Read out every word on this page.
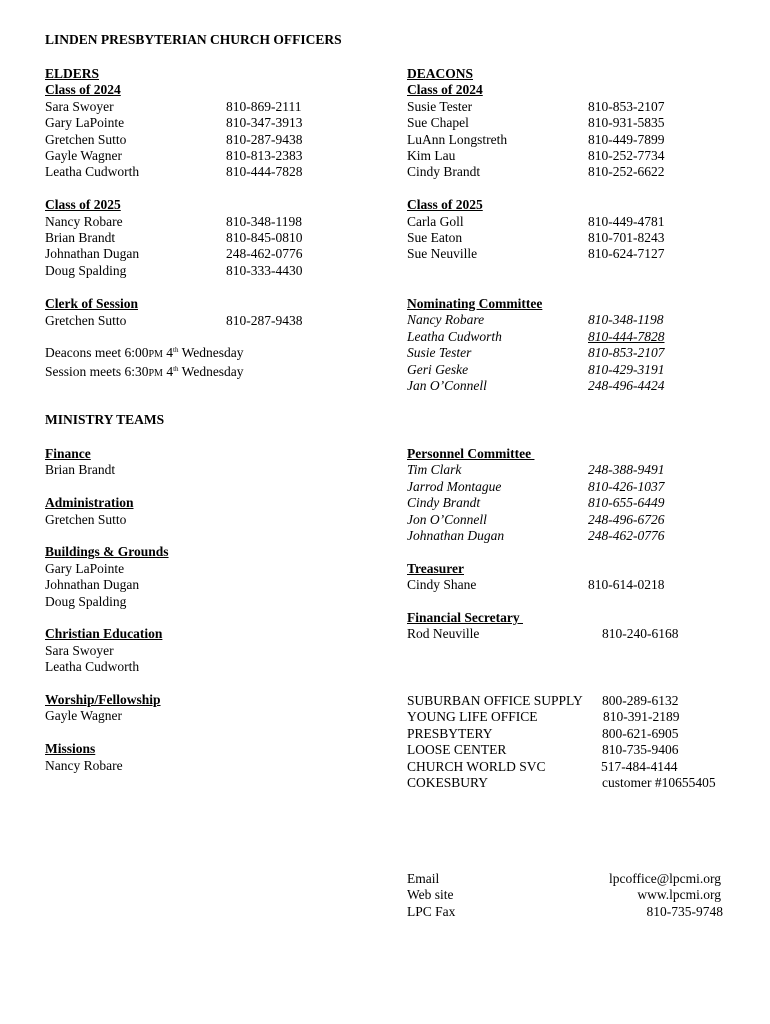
LINDEN PRESBYTERIAN CHURCH OFFICERS
ELDERS
Class of 2024
Sara Swoyer	810-869-2111
Gary LaPointe	810-347-3913
Gretchen Sutto	810-287-9438
Gayle Wagner	810-813-2383
Leatha Cudworth	810-444-7828
Class of 2025
Nancy Robare	810-348-1198
Brian Brandt	810-845-0810
Johnathan Dugan	248-462-0776
Doug Spalding	810-333-4430
Clerk of Session
Gretchen Sutto	810-287-9438
Deacons meet 6:00PM 4th Wednesday
Session meets 6:30PM 4th Wednesday
MINISTRY TEAMS
Finance
Brian Brandt
Administration
Gretchen Sutto
Buildings & Grounds
Gary LaPointe
Johnathan Dugan
Doug Spalding
Christian Education
Sara Swoyer
Leatha Cudworth
Worship/Fellowship
Gayle Wagner
Missions
Nancy Robare
DEACONS
Class of 2024
Susie Tester	810-853-2107
Sue Chapel	810-931-5835
LuAnn Longstreth	810-449-7899
Kim Lau	810-252-7734
Cindy Brandt	810-252-6622
Class of 2025
Carla Goll	810-449-4781
Sue Eaton	810-701-8243
Sue Neuville	810-624-7127
Nominating Committee
Nancy Robare	810-348-1198
Leatha Cudworth	810-444-7828
Susie Tester	810-853-2107
Geri Geske	810-429-3191
Jan O’Connell	248-496-4424
Personnel Committee
Tim Clark	248-388-9491
Jarrod Montague	810-426-1037
Cindy Brandt	810-655-6449
Jon O’Connell	248-496-6726
Johnathan Dugan	248-462-0776
Treasurer
Cindy Shane	810-614-0218
Financial Secretary
Rod Neuville	810-240-6168
SUBURBAN OFFICE SUPPLY 800-289-6132
YOUNG LIFE OFFICE	810-391-2189
PRESBYTERY	800-621-6905
LOOSE CENTER	810-735-9406
CHURCH WORLD SVC	517-484-4144
COKESBURY	customer #10655405
Email	lpcoffice@lpcmi.org
Web site	www.lpcmi.org
LPC Fax	810-735-9748
